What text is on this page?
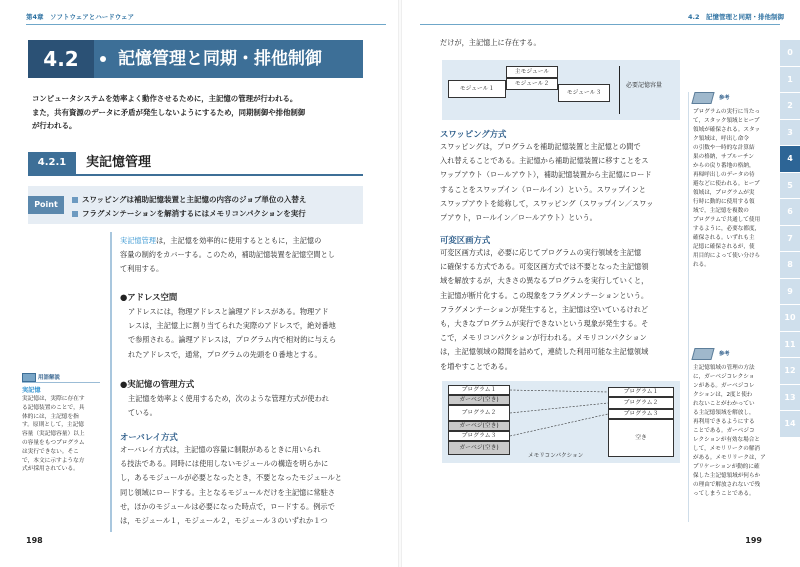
第4章　ソフトウェアとハードウェア
4.2	記憶管理と同期・排他制御
コンピュータシステムを効率よく動作させるために，主記憶の管理が行われる。
また，共有資源のデータに矛盾が発生しないようにするため，同期制御や排他制御
が行われる。
4.2.1	実記憶管理
Point
スワッピングは補助記憶装置と主記憶の内容のジョブ単位の入替え
フラグメンテーションを解消するにはメモリコンパクションを実行
実記憶管理は，主記憶を効率的に使用するとともに，主記憶の
容量の制約をカバーする。このため，補助記憶装置を記憶空間とし
て利用する。
●アドレス空間
アドレスには，物理アドレスと論理アドレスがある。物理アド
レスは，主記憶上に割り当てられた実際のアドレスで，絶対番地
で参照される。論理アドレスは，プログラム内で相対的に与えら
れたアドレスで，通常，プログラムの先頭を０番地とする。
●実記憶の管理方式
主記憶を効率よく使用するため，次のような管理方式が使われ
ている。
オーバレイ方式
オーバレイ方式は，主記憶の容量に制限があるときに用いられ
る技法である。同時には使用しないモジュールの構造を明らかに
し，あるモジュールが必要となったとき，不要となったモジュールと
同じ領域にロードする。主となるモジュールだけを主記憶に常駐さ
せ，ほかのモジュールは必要になった時点で，ロードする。例示で
は，モジュール１，モジュール２，モジュール３のいずれか１つ
用語解説
実記憶
実記憶は，実際に存在す
る記憶装置のことで，具
体的には，主記憶を指
す。原則として，主記憶
容量（実記憶容量）以上
の容量をもつプログラム
は実行できない。そこ
で，本文に示すような方
式が採用されている。
198
4.2　記憶管理と同期・排他制御
だけが，主記憶上に存在する。
主モジュール
モジュール１
モジュール２
モジュール３
必要記憶容量
スワッピング方式
スワッピングは，プログラムを補助記憶装置と主記憶との間で
入れ替えることである。主記憶から補助記憶装置に移すことをス
ワップアウト（ロールアウト），補助記憶装置から主記憶にロード
することをスワップイン（ロールイン）という。スワップインと
スワップアウトを総称して，スワッピング（スワップイン／スワッ
プアウト，ロールイン／ロールアウト）という。
可変区画方式
可変区画方式は，必要に応じてプログラムの実行領域を主記憶
に確保する方式である。可変区画方式では不要となった主記憶領
域を解放するが，大きさの異なるプログラムを実行していくと，
主記憶が断片化する。この現象をフラグメンテーションという。
フラグメンテーションが発生すると，主記憶は空いているけれど
も，大きなプログラムが実行できないという現象が発生する。そ
こで，メモリコンパクションが行われる。メモリコンパクション
は，主記憶領域の隙間を詰めて，連続した利用可能な主記憶領域
を増やすことである。
プログラム１
ガーベジ(空き)
プログラム２
ガーベジ(空き)
プログラム３
ガーベジ(空き)
プログラム１
プログラム２
プログラム３
空き
メモリコンパクション
参考
プログラムの実行に当たっ
て，スタック領域とヒープ
領域が確保される。スタッ
ク領域は，呼出し命令
の引数や一時的な計算結
果の格納，サブルーチン
からの戻り番地の格納，
再帰呼出しのデータの待
避などに使われる。ヒープ
領域は，プログラムが実
行時に動的に使用する領
域で，主記憶を複数の
プログラムで共通して使用
するように，必要な都度，
確保される。いずれも主
記憶に確保されるが，使
用目的によって使い分けら
れる。
参考
主記憶領域の管理の方法
に，ガーベジコレクショ
ンがある。ガーベジコレ
クションは，2度と使わ
れないことがわかってい
る主記憶領域を解放し，
再利用できるようにする
ことである。ガーベジコ
レクションが有効な場合と
して，メモリリークの解消
がある。メモリリークは，ア
プリケーションが動的に確
保した主記憶領域が何らか
の理由で解放されないで残
ってしまうことである。
0
1
2
3
4
5
6
7
8
9
10
11
12
13
14
199
